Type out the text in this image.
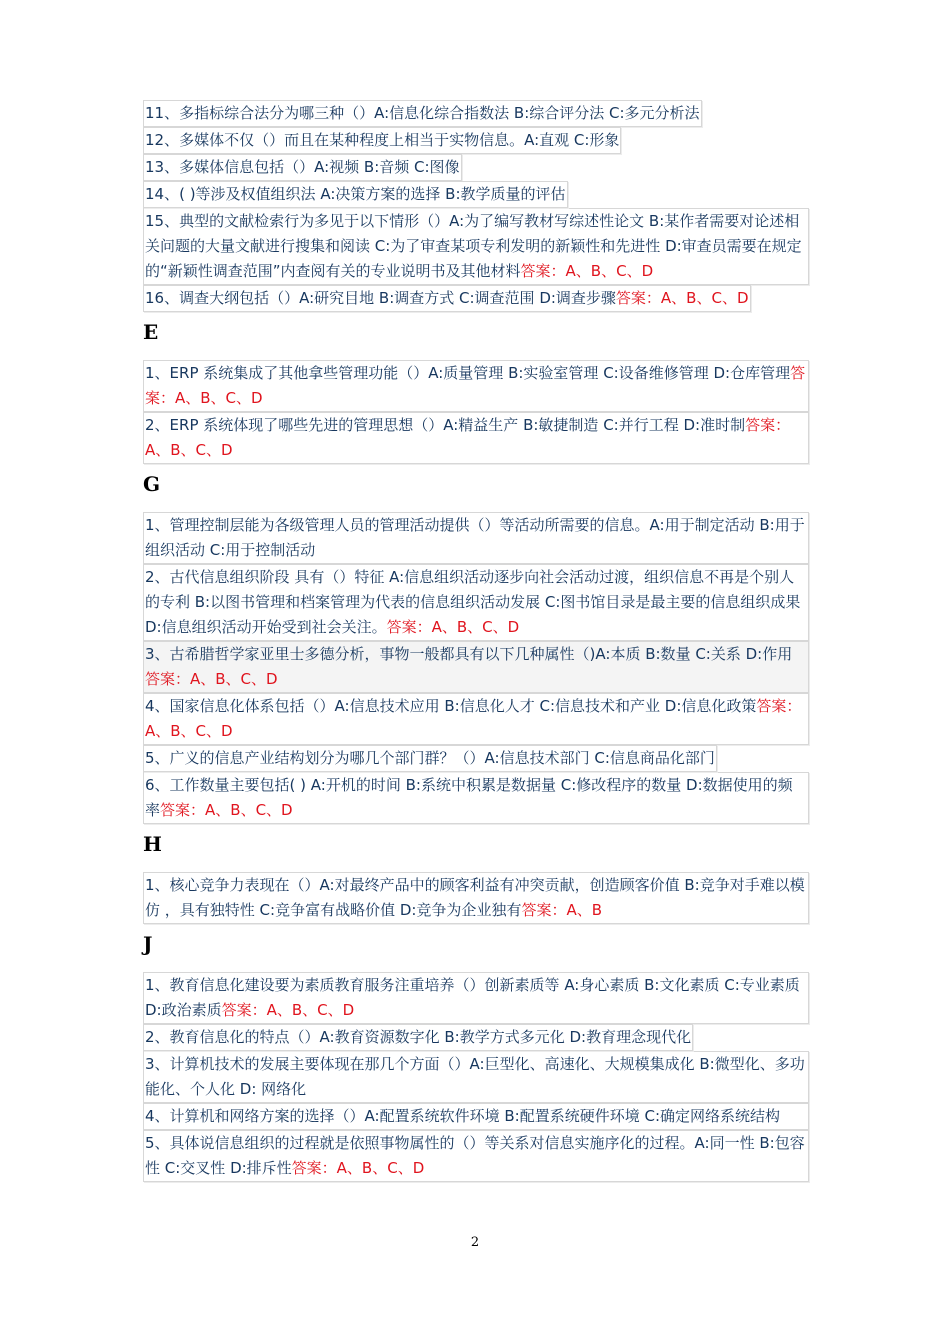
11、多指标综合法分为哪三种（）A:信息化综合指数法 B:综合评分法 C:多元分析法
12、多媒体不仅（）而且在某种程度上相当于实物信息。A:直观 C:形象
13、多媒体信息包括（）A:视频 B:音频 C:图像
14、( )等涉及权值组织法 A:决策方案的选择 B:教学质量的评估

15、典型的文献检索行为多见于以下情形（）A:为了编写教材写综述性论文 B:某作者需要对论述相关问题的大量文献进行搜集和阅读 C:为了审查某项专利发明的新颖性和先进性 D:审查员需要在规定的“新颖性调查范围”内查阅有关的专业说明书及其他材料答案：A、B、C、D
16、调查大纲包括（）A:研究目地 B:调查方式 C:调查范围 D:调查步骤答案：A、B、C、D
E
1、ERP 系统集成了其他拿些管理功能（）A:质量管理 B:实验室管理 C:设备维修管理 D:仓库管理答案：A、B、C、D
2、ERP 系统体现了哪些先进的管理思想（）A:精益生产 B:敏捷制造 C:并行工程 D:准时制答案：A、B、C、D
G
1、管理控制层能为各级管理人员的管理活动提供（）等活动所需要的信息。A:用于制定活动 B:用于组织活动 C:用于控制活动
2、古代信息组织阶段 具有（）特征 A:信息组织活动逐步向社会活动过渡，组织信息不再是个别人的专利 B:以图书管理和档案管理为代表的信息组织活动发展 C:图书馆目录是最主要的信息组织成果 D:信息组织活动开始受到社会关注。答案：A、B、C、D
3、古希腊哲学家亚里士多德分析，事物一般都具有以下几种属性（)A:本质 B:数量 C:关系 D:作用答案：A、B、C、D
4、国家信息化体系包括（）A:信息技术应用 B:信息化人才 C:信息技术和产业 D:信息化政策答案：A、B、C、D
5、广义的信息产业结构划分为哪几个部门群？（）A:信息技术部门 C:信息商品化部门
6、工作数量主要包括( ) A:开机的时间 B:系统中积累是数据量 C:修改程序的数量 D:数据使用的频率答案：A、B、C、D
H
1、核心竞争力表现在（）A:对最终产品中的顾客利益有冲突贡献，创造顾客价值 B:竞争对手难以模仿 ，具有独特性 C:竞争富有战略价值 D:竞争为企业独有答案：A、B
J
1、教育信息化建设要为素质教育服务注重培养（）创新素质等 A:身心素质 B:文化素质 C:专业素质 D:政治素质答案：A、B、C、D
2、教育信息化的特点（）A:教育资源数字化 B:教学方式多元化 D:教育理念现代化
3、计算机技术的发展主要体现在那几个方面（）A:巨型化、高速化、大规模集成化 B:微型化、多功能化、个人化 D: 网络化
4、计算机和网络方案的选择（）A:配置系统软件环境 B:配置系统硬件环境 C:确定网络系统结构
5、具体说信息组织的过程就是依照事物属性的（）等关系对信息实施序化的过程。A:同一性 B:包容性 C:交叉性 D:排斥性答案：A、B、C、D
2
